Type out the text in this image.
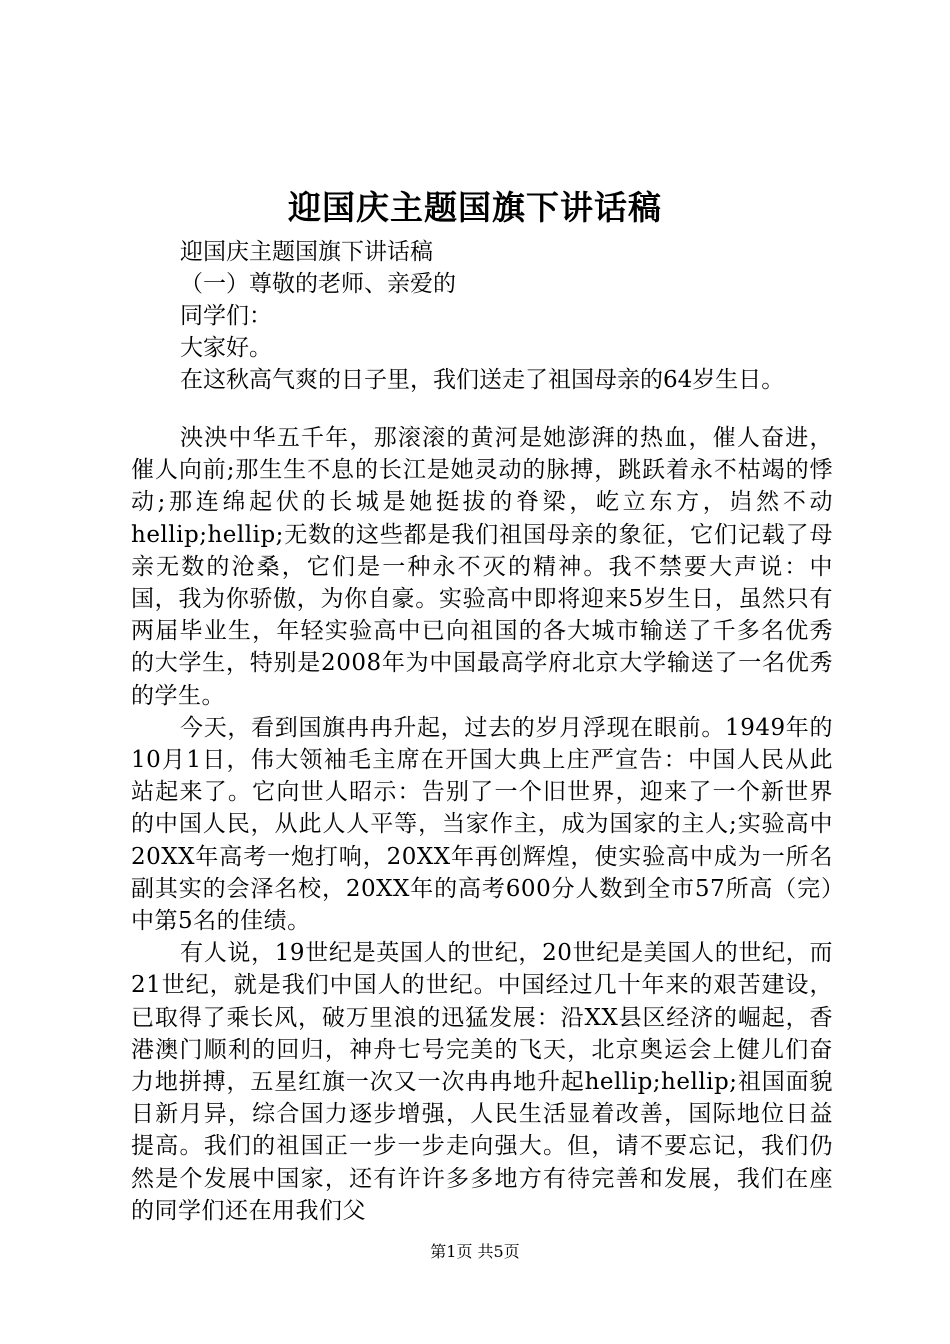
迎国庆主题国旗下讲话稿
迎国庆主题国旗下讲话稿
（一）尊敬的老师、亲爱的
同学们：
大家好。
在这秋高气爽的日子里，我们送走了祖国母亲的64岁生日。

泱泱中华五千年，那滚滚的黄河是她澎湃的热血，催人奋进，催人向前;那生生不息的长江是她灵动的脉搏，跳跃着永不枯竭的悸动;那连绵起伏的长城是她挺拔的脊梁，屹立东方，岿然不动hellip;hellip;无数的这些都是我们祖国母亲的象征，它们记载了母亲无数的沧桑，它们是一种永不灭的精神。我不禁要大声说：中国，我为你骄傲，为你自豪。实验高中即将迎来5岁生日，虽然只有两届毕业生，年轻实验高中已向祖国的各大城市输送了千多名优秀的大学生，特别是2008年为中国最高学府北京大学输送了一名优秀的学生。

今天，看到国旗冉冉升起，过去的岁月浮现在眼前。1949年的10月1日，伟大领袖毛主席在开国大典上庄严宣告：中国人民从此站起来了。它向世人昭示：告别了一个旧世界，迎来了一个新世界的中国人民，从此人人平等，当家作主，成为国家的主人;实验高中20XX年高考一炮打响，20XX年再创辉煌，使实验高中成为一所名副其实的会泽名校，20XX年的高考600分人数到全市57所高（完）中第5名的佳绩。

有人说，19世纪是英国人的世纪，20世纪是美国人的世纪，而21世纪，就是我们中国人的世纪。中国经过几十年来的艰苦建设，已取得了乘长风，破万里浪的迅猛发展：沿XX县区经济的崛起，香港澳门顺利的回归，神舟七号完美的飞天，北京奥运会上健儿们奋力地拼搏，五星红旗一次又一次冉冉地升起hellip;hellip;祖国面貌日新月异，综合国力逐步增强，人民生活显着改善，国际地位日益提高。我们的祖国正一步一步走向强大。但，请不要忘记，我们仍然是个发展中国家，还有许许多多地方有待完善和发展，我们在座的同学们还在用我们父

第1页 共5页
